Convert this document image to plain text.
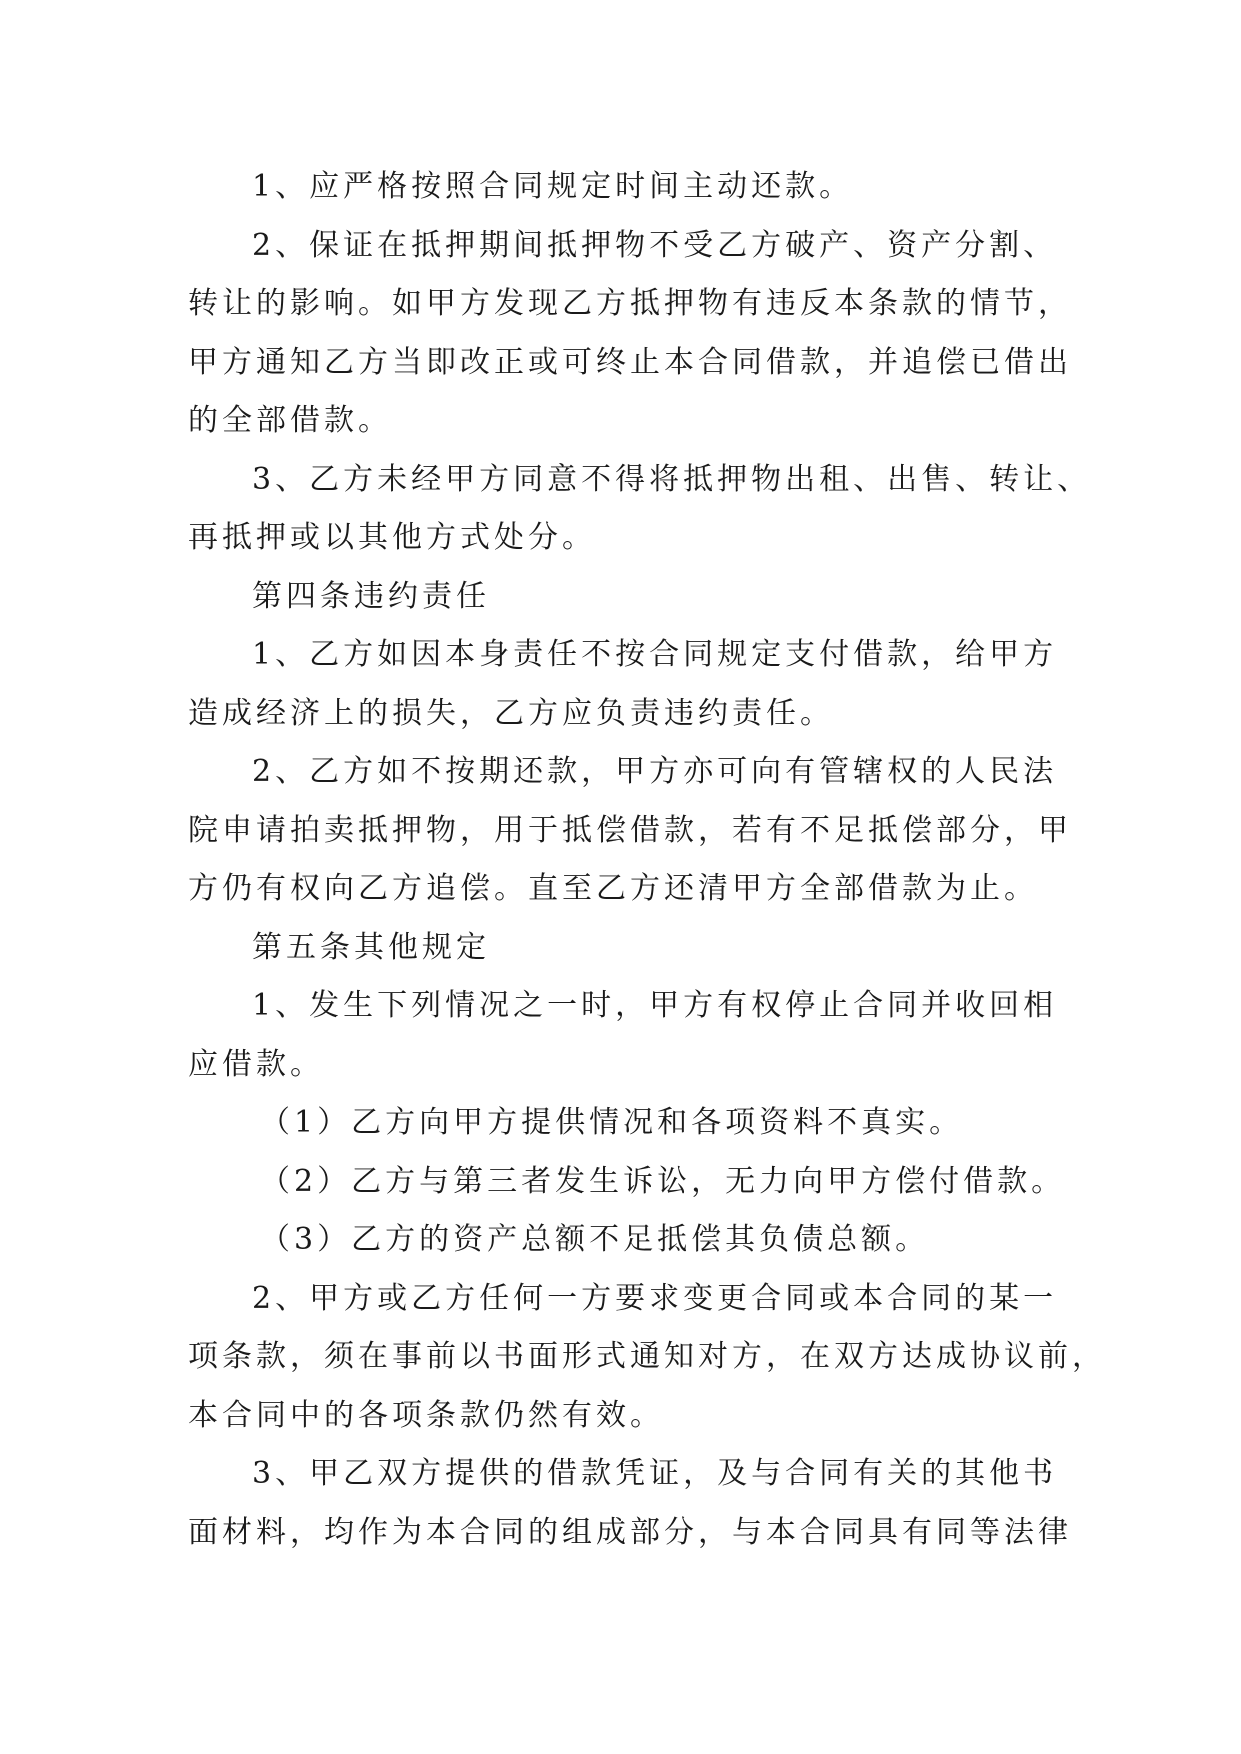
1、应严格按照合同规定时间主动还款。
2、保证在抵押期间抵押物不受乙方破产、资产分割、
转让的影响。如甲方发现乙方抵押物有违反本条款的情节，
甲方通知乙方当即改正或可终止本合同借款，并追偿已借出
的全部借款。
3、乙方未经甲方同意不得将抵押物出租、出售、转让、
再抵押或以其他方式处分。
第四条违约责任
1、乙方如因本身责任不按合同规定支付借款，给甲方
造成经济上的损失，乙方应负责违约责任。
2、乙方如不按期还款，甲方亦可向有管辖权的人民法
院申请拍卖抵押物，用于抵偿借款，若有不足抵偿部分，甲
方仍有权向乙方追偿。直至乙方还清甲方全部借款为止。
第五条其他规定
1、发生下列情况之一时，甲方有权停止合同并收回相
应借款。
（1）乙方向甲方提供情况和各项资料不真实。
（2）乙方与第三者发生诉讼，无力向甲方偿付借款。
（3）乙方的资产总额不足抵偿其负债总额。
2、甲方或乙方任何一方要求变更合同或本合同的某一
项条款，须在事前以书面形式通知对方，在双方达成协议前，
本合同中的各项条款仍然有效。
3、甲乙双方提供的借款凭证，及与合同有关的其他书
面材料，均作为本合同的组成部分，与本合同具有同等法律
